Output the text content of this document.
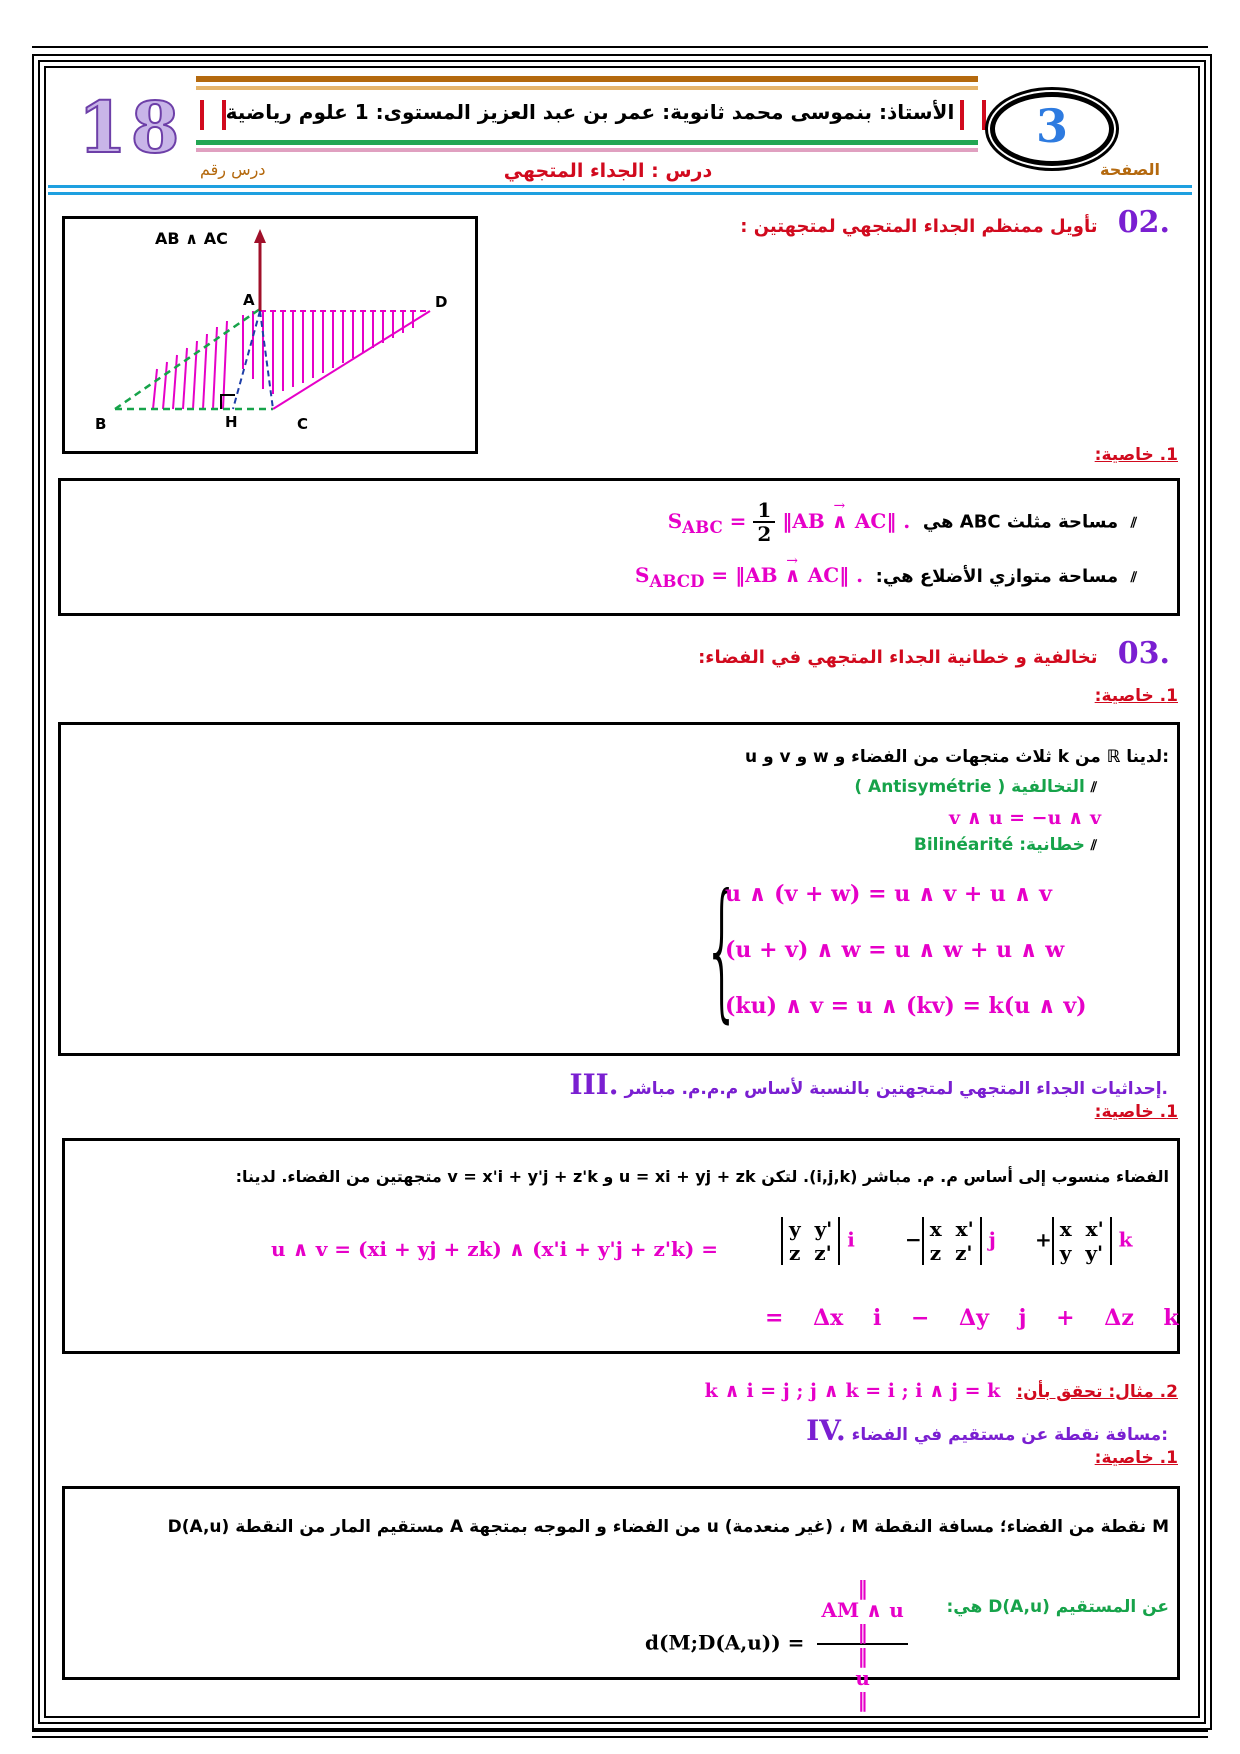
18 الأستاذ: بنموسى محمد ثانوية: عمر بن عبد العزيز المستوى: 1 علوم رياضية	3
الصفحة
درس : الجداء المتجهي
درس رقم
.02 تأويل ممنظم الجداء المتجهي لمتجهتين :
AB ∧ AC
A	D
B	H	C
1. خاصية:
⫽  مساحة مثلث ABC هي  $S_{ABC} = \frac{1}{2}$ ‖→ AB ∧ AC‖ .
⫽  مساحة متوازي الأضلاع هي:  $S_{ABCD}$ = ‖→ AB ∧ AC‖ .
.03 تخالفية و خطانية الجداء المتجهي في الفضاء:
1. خاصية:
u و v و w ثلاث متجهات من الفضاء و k من ℝ لدينا:
⫽ التخالفية ( Antisymétrie )
v ∧ u = −u ∧ v
⫽ خطانية: Bilinéarité
{
u ∧ (v + w) = u ∧ v + u ∧ v
(u + v) ∧ w = u ∧ w + u ∧ w
(ku) ∧ v = u ∧ (kv) = k(u ∧ v)
III. إحداثيات الجداء المتجهي لمتجهتين بالنسبة لأساس م.م.م. مباشر.
1. خاصية:
الفضاء منسوب إلى أساس م. م. مباشر (i,j,k). لتكن u = xi + yj + zk و v = x'i + y'j + z'k متجهتين من الفضاء. لدينا:
u ∧ v = (xi + yj + zk) ∧ (x'i + y'j + z'k) =
y y'
z z' i	− x x'
z z' j + x x'
y y' k
= Δx i − Δy j + Δz k
2. مثال: تحقق بأن: k ∧ i = j ; j ∧ k = i ; i ∧ j = k
IV. مسافة نقطة عن مستقيم في الفضاء:
1. خاصية:
D(A,u) مستقيم المار من النقطة A من الفضاء و الموجه بمتجهة u (غير منعدمة) ، M نقطة من الفضاء؛ مسافة النقطة M
عن المستقيم D(A,u) هي:
d(M;D(A,u)) = ‖
AM ∧ u
‖
‖
u
‖
